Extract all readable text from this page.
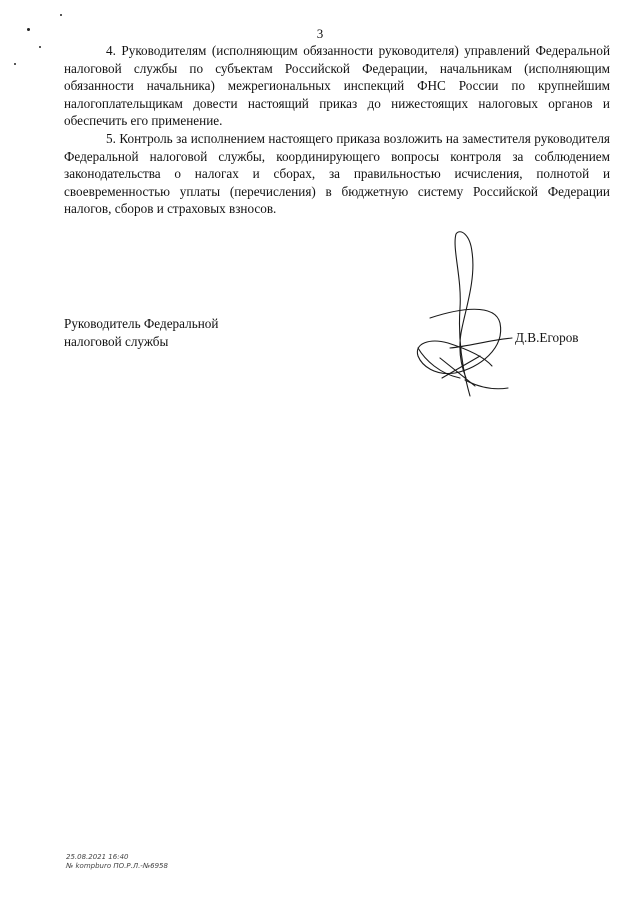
3

4. Руководителям (исполняющим обязанности руководителя) управлений Федеральной налоговой службы по субъектам Российской Федерации, начальникам (исполняющим обязанности начальника) межрегиональных инспекций ФНС России по крупнейшим налогоплательщикам довести настоящий приказ до нижестоящих налоговых органов и обеспечить его применение.

5. Контроль за исполнением настоящего приказа возложить на заместителя руководителя Федеральной налоговой службы, координирующего вопросы контроля за соблюдением законодательства о налогах и сборах, за правильностью исчисления, полнотой и своевременностью уплаты (перечисления) в бюджетную систему Российской Федерации налогов, сборов и страховых взносов.

Руководитель Федеральной
налоговой службы	Д.В.Егоров
25.08.2021 16:40
№ kompburo ПО.Р.Л.-№6958
